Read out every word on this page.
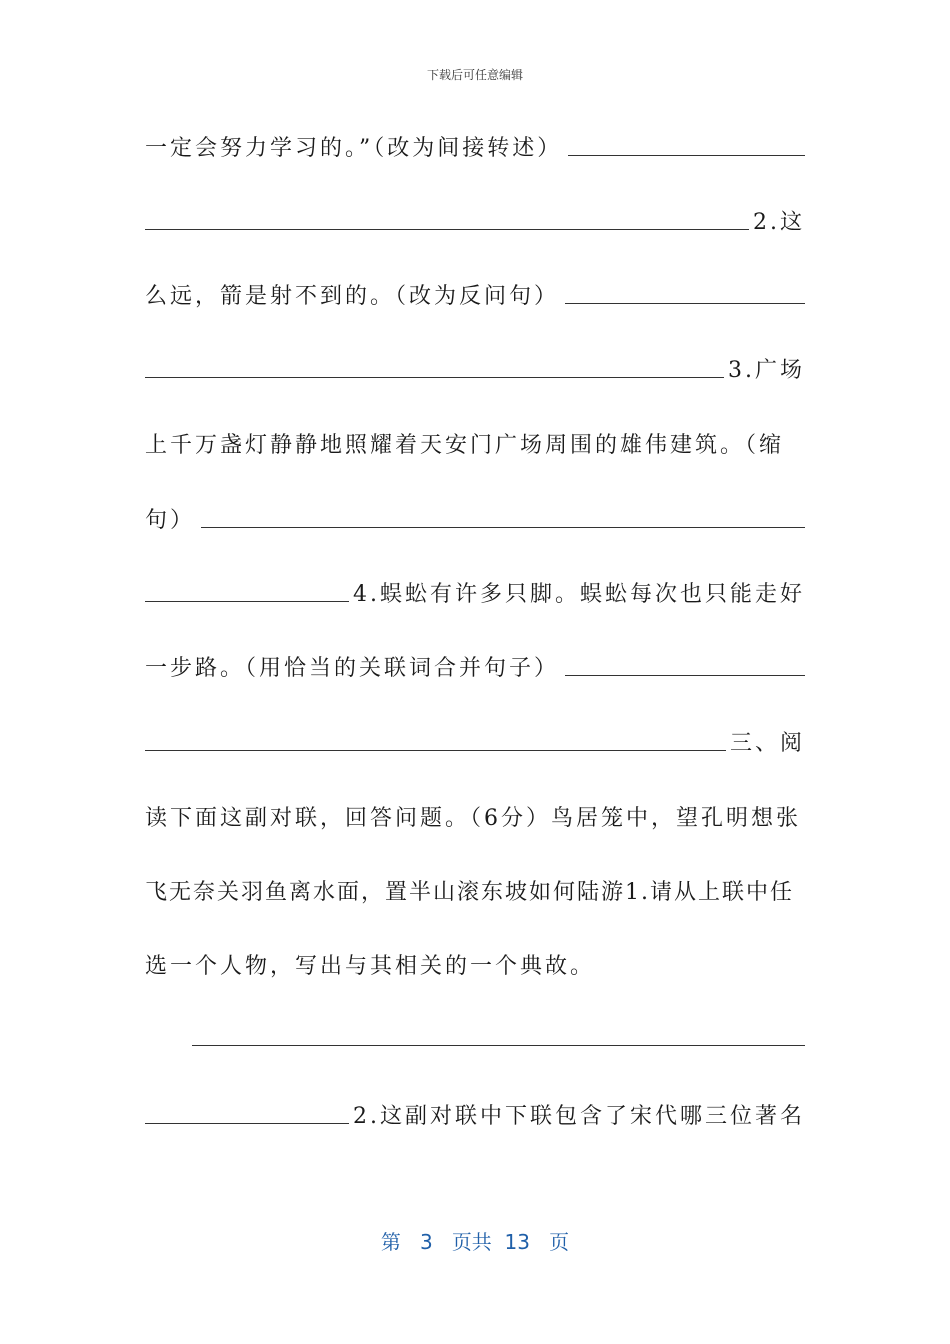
下载后可任意编辑
一定会努力学习的。”（改为间接转述）
2.这
么远，箭是射不到的。（改为反问句）
3.广场
上千万盏灯静静地照耀着天安门广场周围的雄伟建筑。（缩
句）
4.蜈蚣有许多只脚。蜈蚣每次也只能走好
一步路。（用恰当的关联词合并句子）
三、阅
读下面这副对联，回答问题。（6分）鸟居笼中，望孔明想张
飞无奈关羽鱼离水面，置半山滚东坡如何陆游1.请从上联中任
选一个人物，写出与其相关的一个典故。
2.这副对联中下联包含了宋代哪三位著名
第 3 页共 13 页
